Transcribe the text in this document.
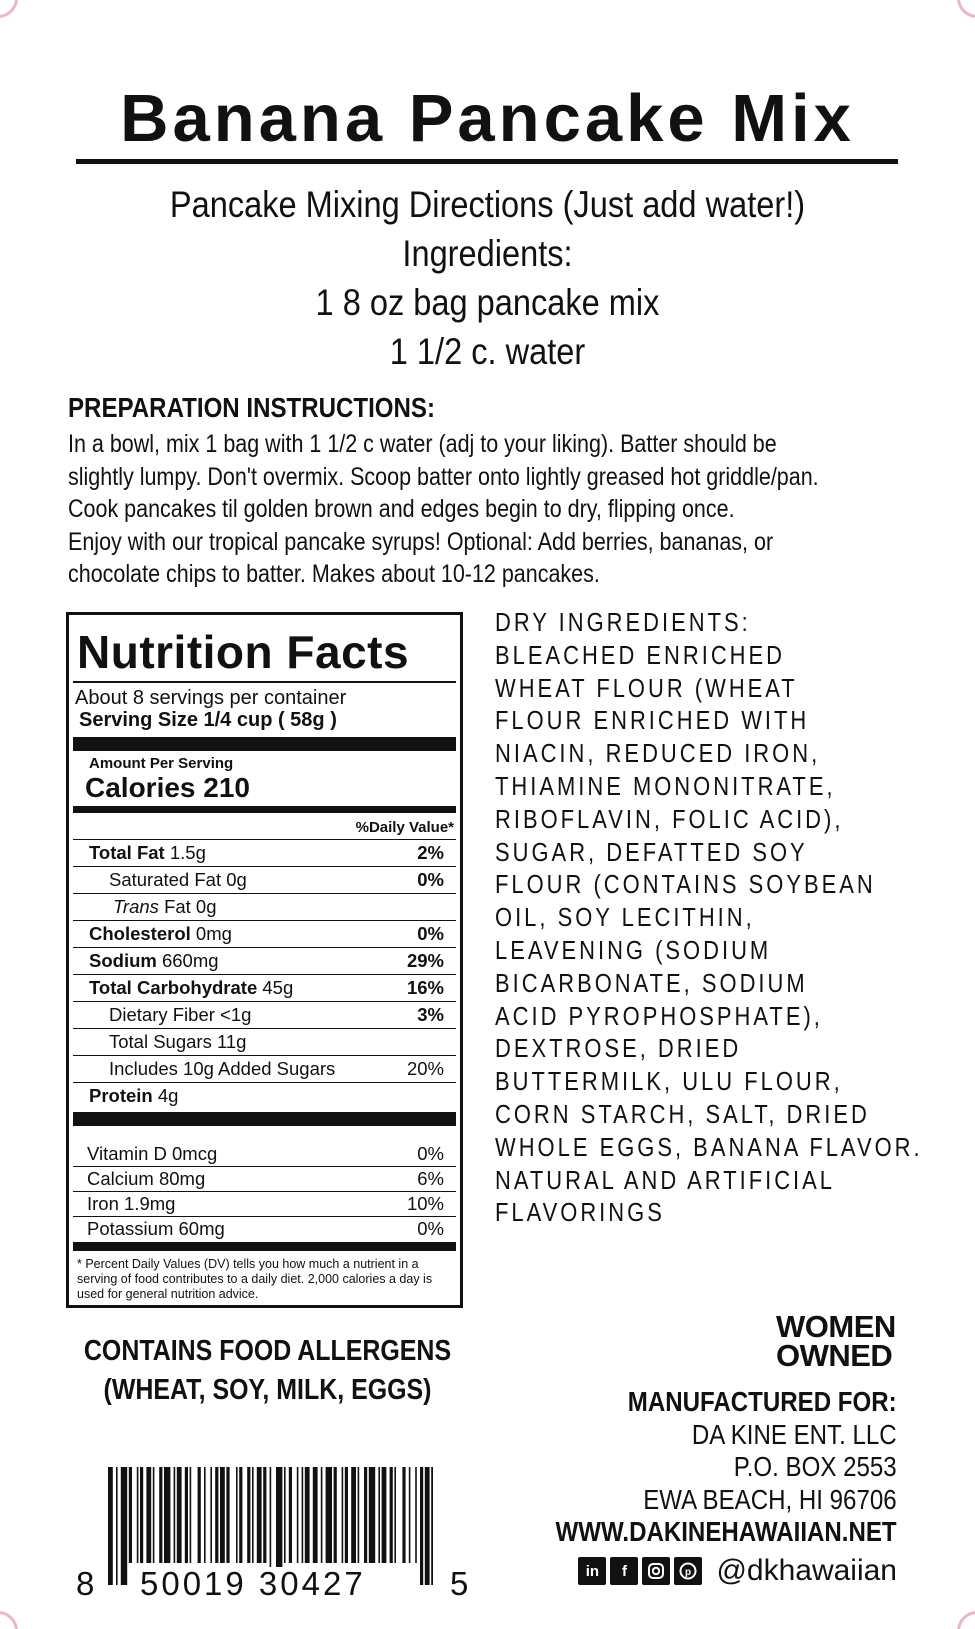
Banana Pancake Mix
Pancake Mixing Directions (Just add water!)
Ingredients:
1 8 oz bag pancake mix
1 1/2 c. water
PREPARATION INSTRUCTIONS:
In a bowl, mix 1 bag with 1 1/2 c water (adj to your liking). Batter should be
slightly lumpy. Don't overmix. Scoop batter onto lightly greased hot griddle/pan.
Cook pancakes til golden brown and edges begin to dry, flipping once.
Enjoy with our tropical pancake syrups! Optional: Add berries, bananas, or
chocolate chips to batter. Makes about 10-12 pancakes.
Nutrition Facts
About 8 servings per container
Serving Size 1/4 cup ( 58g )
Amount Per Serving
Calories 210
%Daily Value*
Total Fat 1.5g	2%
Saturated Fat 0g	0%
Trans Fat 0g
Cholesterol 0mg	0%
Sodium 660mg	29%
Total Carbohydrate 45g	16%
Dietary Fiber <1g	3%
Total Sugars 11g
Includes 10g Added Sugars	20%
Protein 4g
Vitamin D 0mcg	0%
Calcium 80mg	6%
Iron 1.9mg	10%
Potassium 60mg	0%
* Percent Daily Values (DV) tells you how much a nutrient in a serving of food contributes to a daily diet. 2,000 calories a day is used for general nutrition advice.
DRY INGREDIENTS:
BLEACHED ENRICHED
WHEAT FLOUR (WHEAT
FLOUR ENRICHED WITH
NIACIN, REDUCED IRON,
THIAMINE MONONITRATE,
RIBOFLAVIN, FOLIC ACID),
SUGAR, DEFATTED SOY
FLOUR (CONTAINS SOYBEAN
OIL, SOY LECITHIN,
LEAVENING (SODIUM
BICARBONATE, SODIUM
ACID PYROPHOSPHATE),
DEXTROSE, DRIED
BUTTERMILK, ULU FLOUR,
CORN STARCH, SALT, DRIED
WHOLE EGGS, BANANA FLAVOR.
NATURAL AND ARTIFICIAL
FLAVORINGS
CONTAINS FOOD ALLERGENS
(WHEAT, SOY, MILK, EGGS)
8 50019 30427	5
WOMEN
OWNED
MANUFACTURED FOR:
DA KINE ENT. LLC
P.O. BOX 2553
EWA BEACH, HI 96706
WWW.DAKINEHAWAIIAN.NET
in	f	p @dkhawaiian
